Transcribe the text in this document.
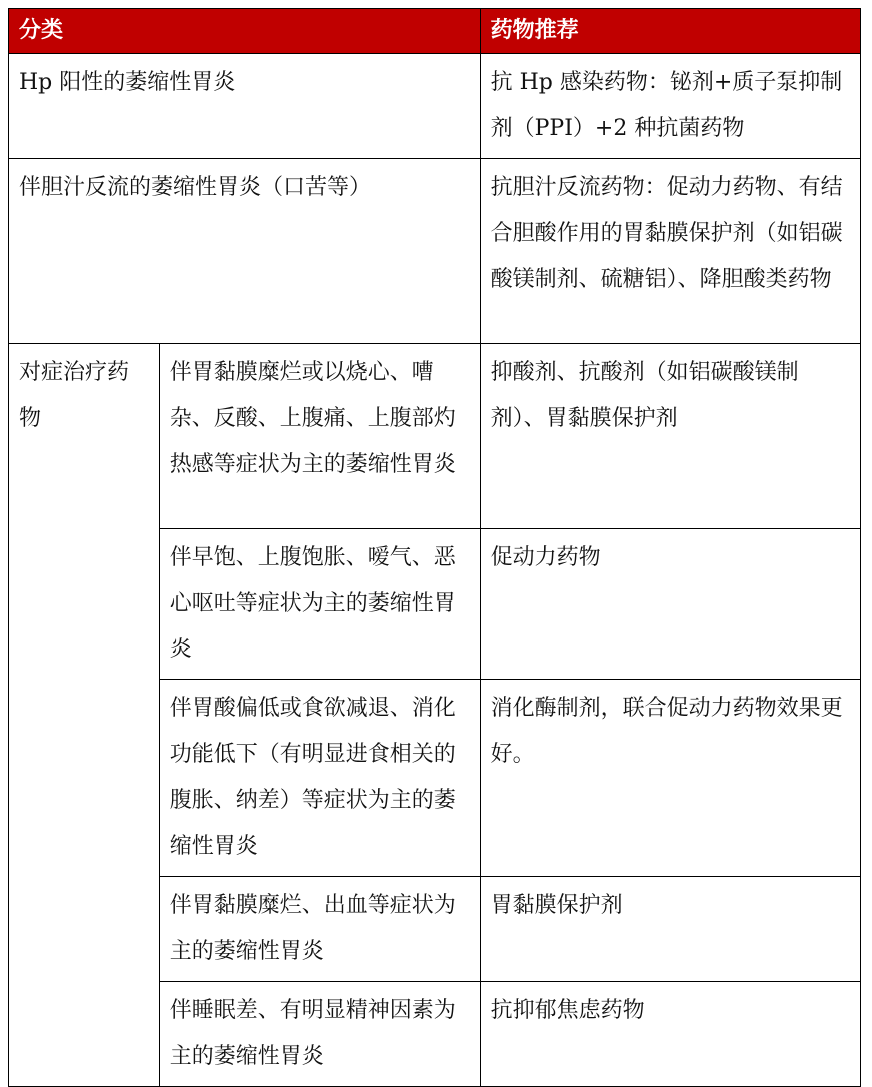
分类		药物推荐
Hp 阳性的萎缩性胃炎		抗 Hp 感染药物：铋剂+质子泵抑制剂（PPI）+2 种抗菌药物
伴胆汁反流的萎缩性胃炎（口苦等）		抗胆汁反流药物：促动力药物、有结合胆酸作用的胃黏膜保护剂（如铝碳酸镁制剂、硫糖铝）、降胆酸类药物
对症治疗药物	伴胃黏膜糜烂或以烧心、嘈杂、反酸、上腹痛、上腹部灼热感等症状为主的萎缩性胃炎	抑酸剂、抗酸剂（如铝碳酸镁制剂）、胃黏膜保护剂
	伴早饱、上腹饱胀、嗳气、恶心呕吐等症状为主的萎缩性胃炎	促动力药物
	伴胃酸偏低或食欲减退、消化功能低下（有明显进食相关的腹胀、纳差）等症状为主的萎缩性胃炎	消化酶制剂，联合促动力药物效果更好。
	伴胃黏膜糜烂、出血等症状为主的萎缩性胃炎	胃黏膜保护剂
	伴睡眠差、有明显精神因素为主的萎缩性胃炎	抗抑郁焦虑药物
